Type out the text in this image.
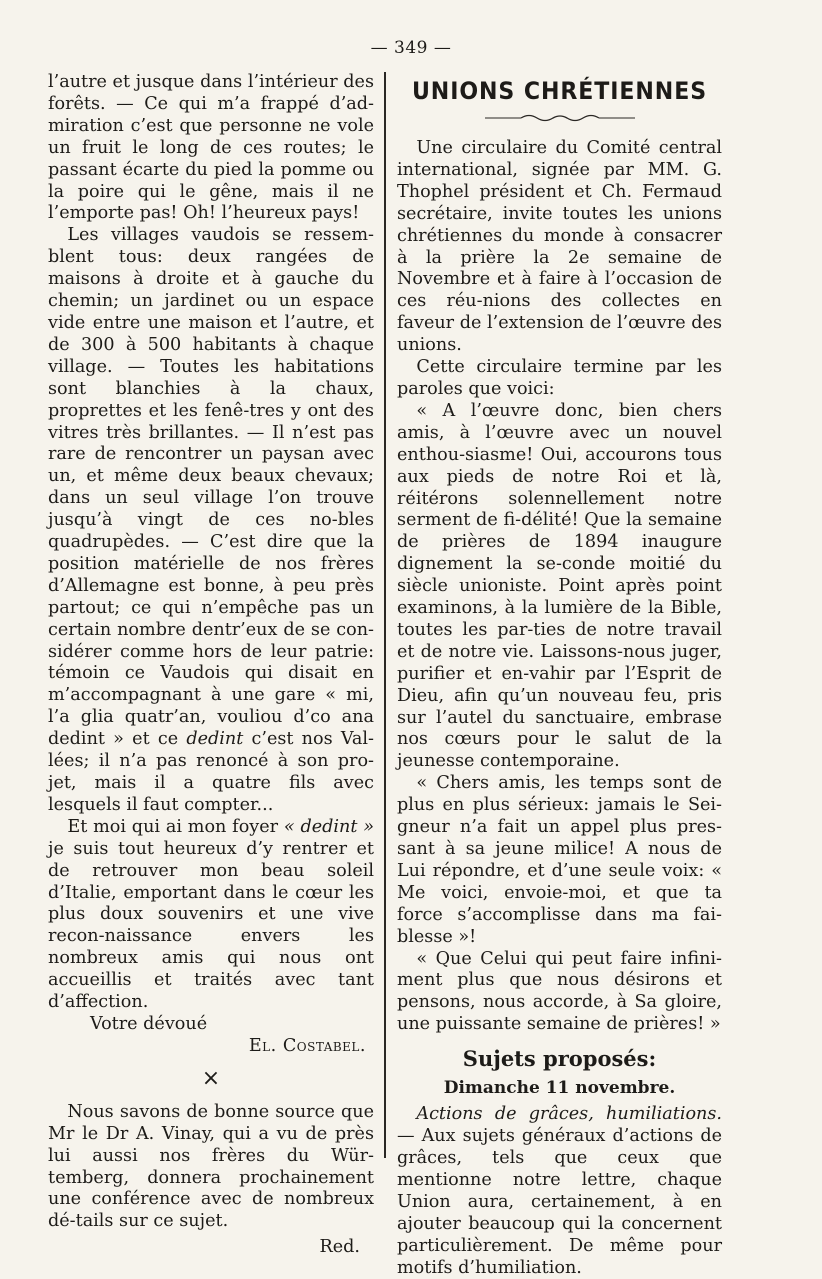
— 349 —

l’autre et jusque dans l’intérieur des forêts. — Ce qui m’a frappé d’ad-miration c’est que personne ne vole un fruit le long de ces routes; le passant écarte du pied la pomme ou la poire qui le gêne, mais il ne l’emporte pas! Oh! l’heureux pays!

Les villages vaudois se ressem-blent tous: deux rangées de maisons à droite et à gauche du chemin; un jardinet ou un espace vide entre une maison et l’autre, et de 300 à 500 habitants à chaque village. — Toutes les habitations sont blanchies à la chaux, proprettes et les fenê-tres y ont des vitres très brillantes. — Il n’est pas rare de rencontrer un paysan avec un, et même deux beaux chevaux; dans un seul village l’on trouve jusqu’à vingt de ces no-bles quadrupèdes. — C’est dire que la position matérielle de nos frères d’Allemagne est bonne, à peu près partout; ce qui n’empêche pas un certain nombre dentr’eux de se con-sidérer comme hors de leur patrie: témoin ce Vaudois qui disait en m’accompagnant à une gare « mi, l’a glia quatr’an, vouliou d’co ana dedint » et ce dedint c’est nos Val-lées; il n’a pas renoncé à son pro-jet, mais il a quatre fils avec lesquels il faut compter...

Et moi qui ai mon foyer « dedint » je suis tout heureux d’y rentrer et de retrouver mon beau soleil d’Italie, emportant dans le cœur les plus doux souvenirs et une vive recon-naissance envers les nombreux amis qui nous ont accueillis et traités avec tant d’affection.

Votre dévoué
El. Costabel.
×

Nous savons de bonne source que Mr le Dr A. Vinay, qui a vu de près lui aussi nos frères du Wür-temberg, donnera prochainement une conférence avec de nombreux dé-tails sur ce sujet.

Red.
UNIONS CHRÉTIENNES

Une circulaire du Comité central international, signée par MM. G. Thophel président et Ch. Fermaud secrétaire, invite toutes les unions chrétiennes du monde à consacrer à la prière la 2e semaine de Novembre et à faire à l’occasion de ces réu-nions des collectes en faveur de l’extension de l’œuvre des unions.

Cette circulaire termine par les paroles que voici:

« A l’œuvre donc, bien chers amis, à l’œuvre avec un nouvel enthou-siasme! Oui, accourons tous aux pieds de notre Roi et là, réitérons solennellement notre serment de fi-délité! Que la semaine de prières de 1894 inaugure dignement la se-conde moitié du siècle unioniste. Point après point examinons, à la lumière de la Bible, toutes les par-ties de notre travail et de notre vie. Laissons-nous juger, purifier et en-vahir par l’Esprit de Dieu, afin qu’un nouveau feu, pris sur l’autel du sanctuaire, embrase nos cœurs pour le salut de la jeunesse contemporaine.

« Chers amis, les temps sont de plus en plus sérieux: jamais le Sei-gneur n’a fait un appel plus pres-sant à sa jeune milice! A nous de Lui répondre, et d’une seule voix: « Me voici, envoie-moi, et que ta force s’accomplisse dans ma fai-blesse »!

« Que Celui qui peut faire infini-ment plus que nous désirons et pensons, nous accorde, à Sa gloire, une puissante semaine de prières! »

Sujets proposés:
Dimanche 11 novembre.

Actions de grâces, humiliations. — Aux sujets généraux d’actions de grâces, tels que ceux que mentionne notre lettre, chaque Union aura, certainement, à en ajouter beaucoup qui la concernent particulièrement. De même pour motifs d’humiliation.
